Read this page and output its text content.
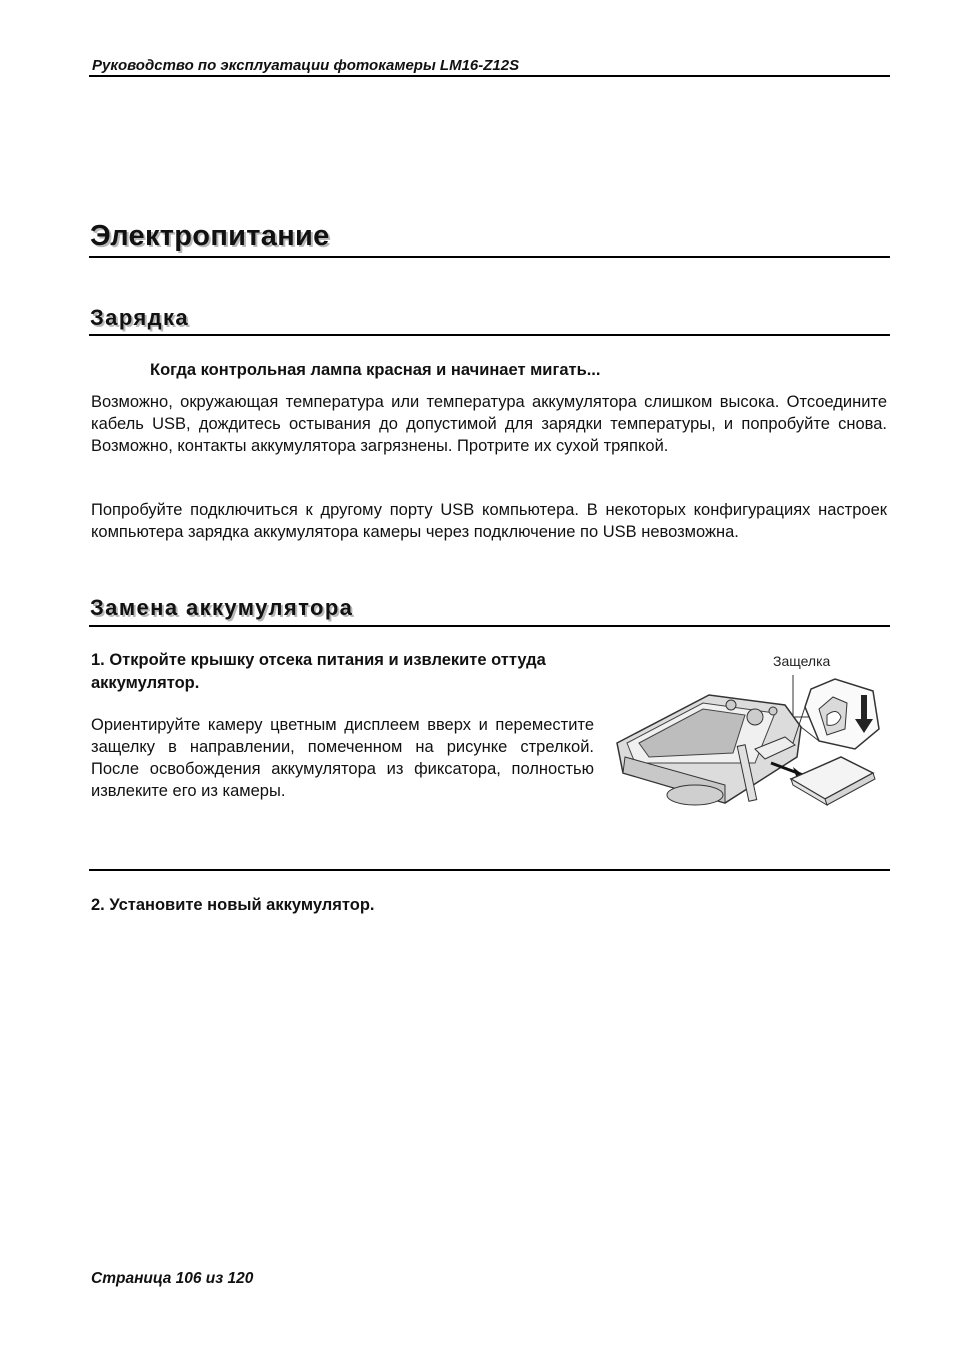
Руководство по эксплуатации фотокамеры LM16-Z12S
Электропитание
Зарядка
Когда контрольная лампа красная и начинает мигать...
Возможно, окружающая температура или температура аккумулятора слишком высока. Отсоедините кабель USB, дождитесь остывания до допустимой для зарядки температуры, и попробуйте снова. Возможно, контакты аккумулятора загрязнены. Протрите их сухой тряпкой.
Попробуйте подключиться к другому порту USB компьютера. В некоторых конфигурациях настроек компьютера зарядка аккумулятора камеры через подключение по USB невозможна.
Замена аккумулятора
1. Откройте крышку отсека питания и извлеките оттуда аккумулятор.
Ориентируйте камеру цветным дисплеем вверх и переместите защелку в направлении, помеченном на рисунке стрелкой. После освобождения аккумулятора из фиксатора, полностью извлеките его из камеры.
Защелка
2. Установите новый аккумулятор.
Страница 106 из 120
